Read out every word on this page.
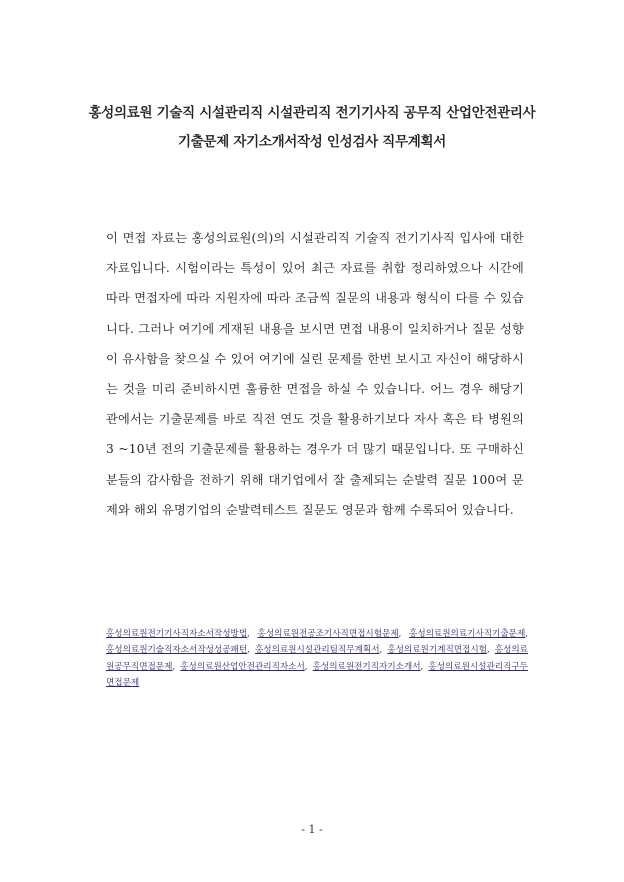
홍성의료원 기술직 시설관리직 시설관리직 전기기사직 공무직 산업안전관리사
기출문제 자기소개서작성 인성검사 직무계획서

이 면접 자료는 홍성의료원(의)의 시설관리직 기술직 전기기사직 입사에 대한 자료입니다. 시험이라는 특성이 있어 최근 자료를 취합 정리하였으나 시간에 따라 면접자에 따라 지원자에 따라 조금씩 질문의 내용과 형식이 다를 수 있습니다. 그러나 여기에 게재된 내용을 보시면 면접 내용이 일치하거나 질문 성향이 유사함을 찾으실 수 있어 여기에 실린 문제를 한번 보시고 자신이 해당하시는 것을 미리 준비하시면 훌륭한 면접을 하실 수 있습니다. 어느 경우 해당기관에서는 기출문제를 바로 직전 연도 것을 활용하기보다 자사 혹은 타 병원의 3 ~10년 전의 기출문제를 활용하는 경우가 더 많기 때문입니다. 또 구매하신 분들의 감사함을 전하기 위해 대기업에서 잘 출제되는 순발력 질문 100여 문제와 해외 유명기업의 순발력테스트 질문도 영문과 함께 수록되어 있습니다.

홍성의료원전기기사직자소서작성방법, 홍성의료원전공조기사직면접시험문제, 홍성의료원의료기사직기출문제, 홍성의료원기술직자소서작성성공패턴, 홍성의료원시설관리팀직무계획서, 홍성의료원기계직면접시험, 홍성의료원공무직면접문제, 홍성의료원산업안전관리직자소서, 홍성의료원전기직자기소개서, 홍성의료원시설관리직구두면접문제
- 1 -
